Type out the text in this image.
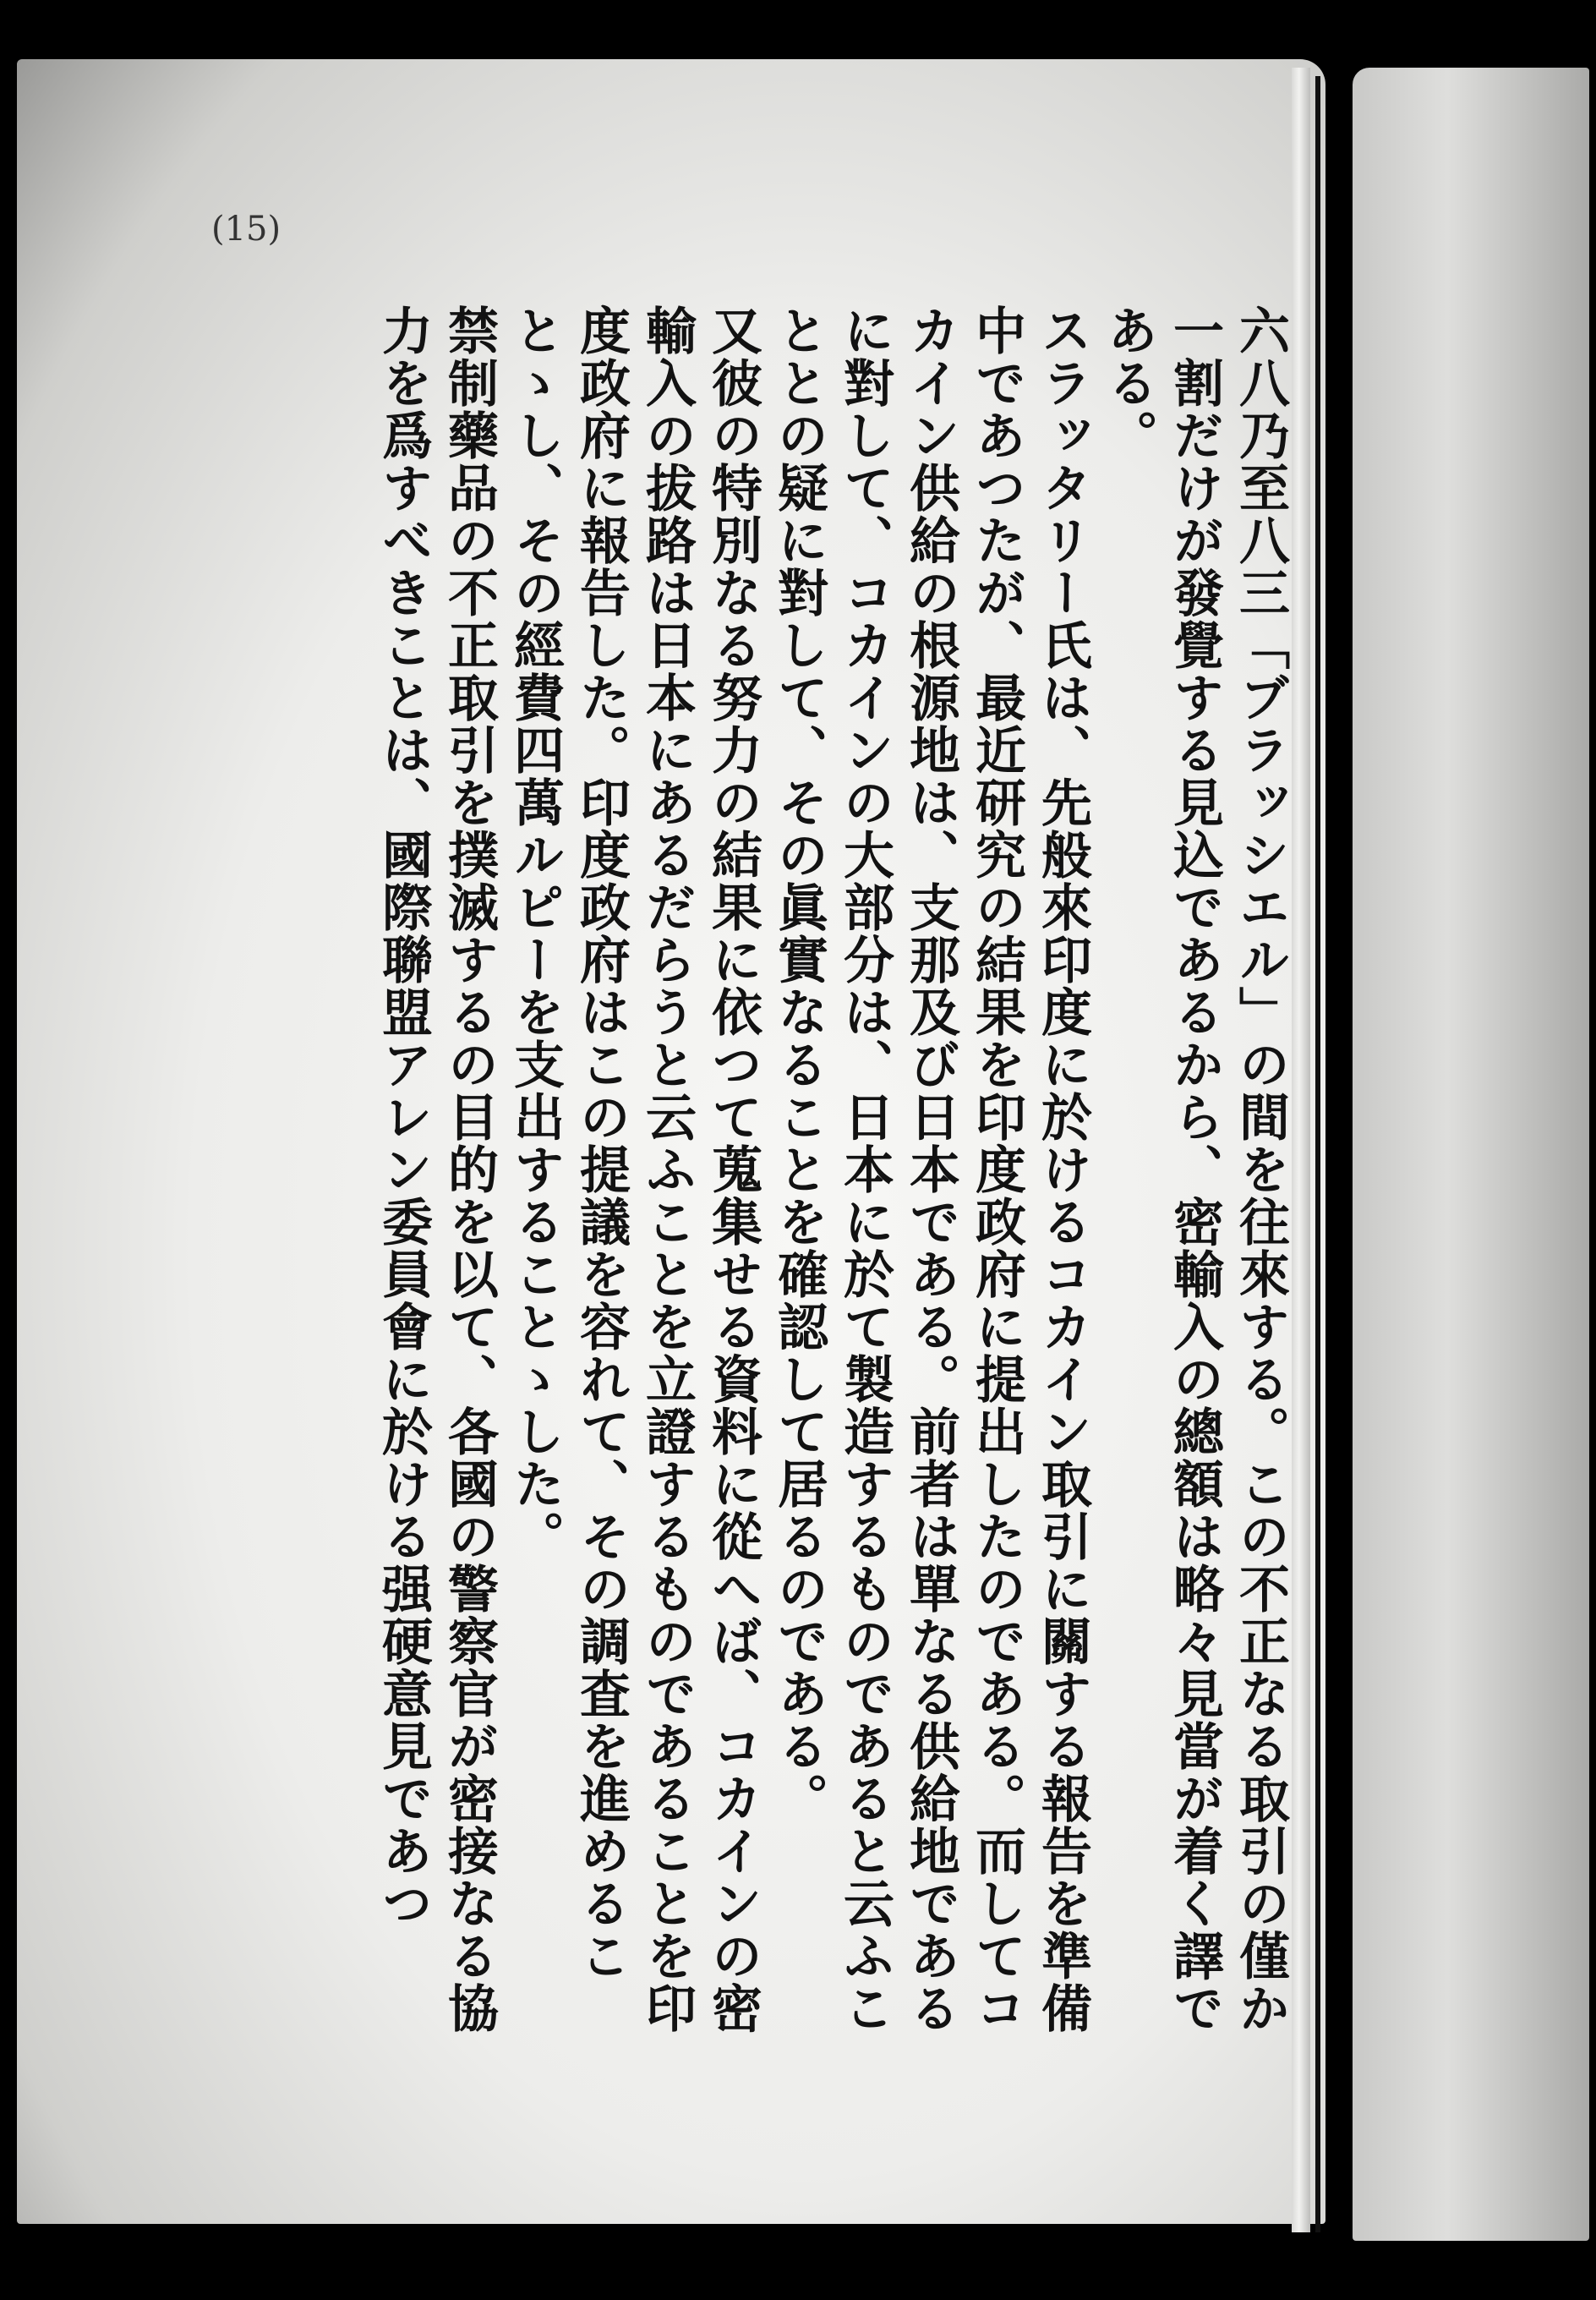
(15)

六八乃至八三「ブラッシエル」の間を往來する。この不正なる取引の僅か一割だけが發覺する見込であるから、密輸入の總額は略々見當が着く譯である。

スラッタリー氏は、先般來印度に於けるコカイン取引に關する報告を準備中であつたが、最近研究の結果を印度政府に提出したのである。而してコカイン供給の根源地は、支那及び日本である。前者は單なる供給地であるに對して、コカインの大部分は、日本に於て製造するものであると云ふこととの疑に對して、その眞實なることを確認して居るのである。

又彼の特別なる努力の結果に依つて蒐集せる資料に從へば、コカインの密輸入の拔路は日本にあるだらうと云ふことを立證するものであることを印度政府に報告した。印度政府はこの提議を容れて、その調査を進めることゝし、その經費四萬ルピーを支出することゝした。

禁制藥品の不正取引を撲滅するの目的を以て、各國の警察官が密接なる協力を爲すべきことは、國際聯盟アレン委員會に於ける强硬意見であつ
